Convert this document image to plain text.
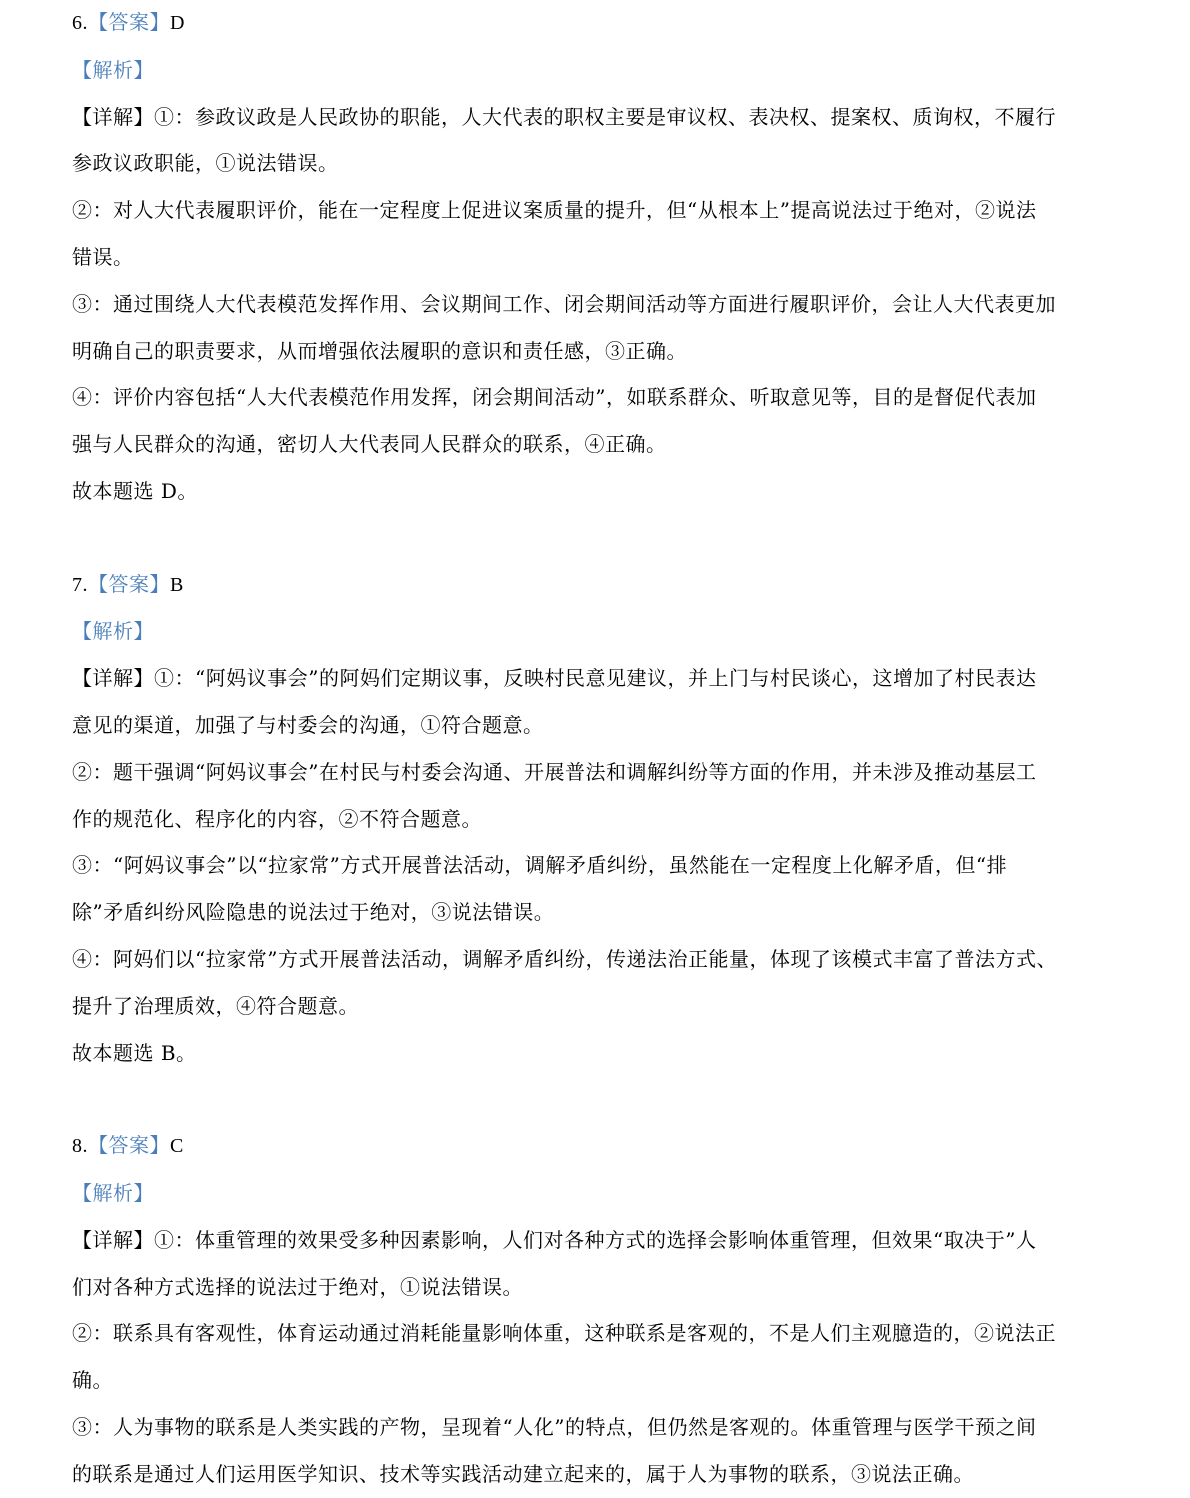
6.【答案】D
【解析】
【详解】①：参政议政是人民政协的职能，人大代表的职权主要是审议权、表决权、提案权、质询权，不履行
参政议政职能，①说法错误。
②：对人大代表履职评价，能在一定程度上促进议案质量的提升，但“从根本上”提高说法过于绝对，②说法
错误。
③：通过围绕人大代表模范发挥作用、会议期间工作、闭会期间活动等方面进行履职评价，会让人大代表更加
明确自己的职责要求，从而增强依法履职的意识和责任感，③正确。
④：评价内容包括“人大代表模范作用发挥，闭会期间活动”，如联系群众、听取意见等，目的是督促代表加
强与人民群众的沟通，密切人大代表同人民群众的联系，④正确。
故本题选 D。
7.【答案】B
【解析】
【详解】①：“阿妈议事会”的阿妈们定期议事，反映村民意见建议，并上门与村民谈心，这增加了村民表达
意见的渠道，加强了与村委会的沟通，①符合题意。
②：题干强调“阿妈议事会”在村民与村委会沟通、开展普法和调解纠纷等方面的作用，并未涉及推动基层工
作的规范化、程序化的内容，②不符合题意。
③：“阿妈议事会”以“拉家常”方式开展普法活动，调解矛盾纠纷，虽然能在一定程度上化解矛盾，但“排
除”矛盾纠纷风险隐患的说法过于绝对，③说法错误。
④：阿妈们以“拉家常”方式开展普法活动，调解矛盾纠纷，传递法治正能量，体现了该模式丰富了普法方式、
提升了治理质效，④符合题意。
故本题选 B。
8.【答案】C
【解析】
【详解】①：体重管理的效果受多种因素影响，人们对各种方式的选择会影响体重管理，但效果“取决于”人
们对各种方式选择的说法过于绝对，①说法错误。
②：联系具有客观性，体育运动通过消耗能量影响体重，这种联系是客观的，不是人们主观臆造的，②说法正
确。
③：人为事物的联系是人类实践的产物，呈现着“人化”的特点，但仍然是客观的。体重管理与医学干预之间
的联系是通过人们运用医学知识、技术等实践活动建立起来的，属于人为事物的联系，③说法正确。
